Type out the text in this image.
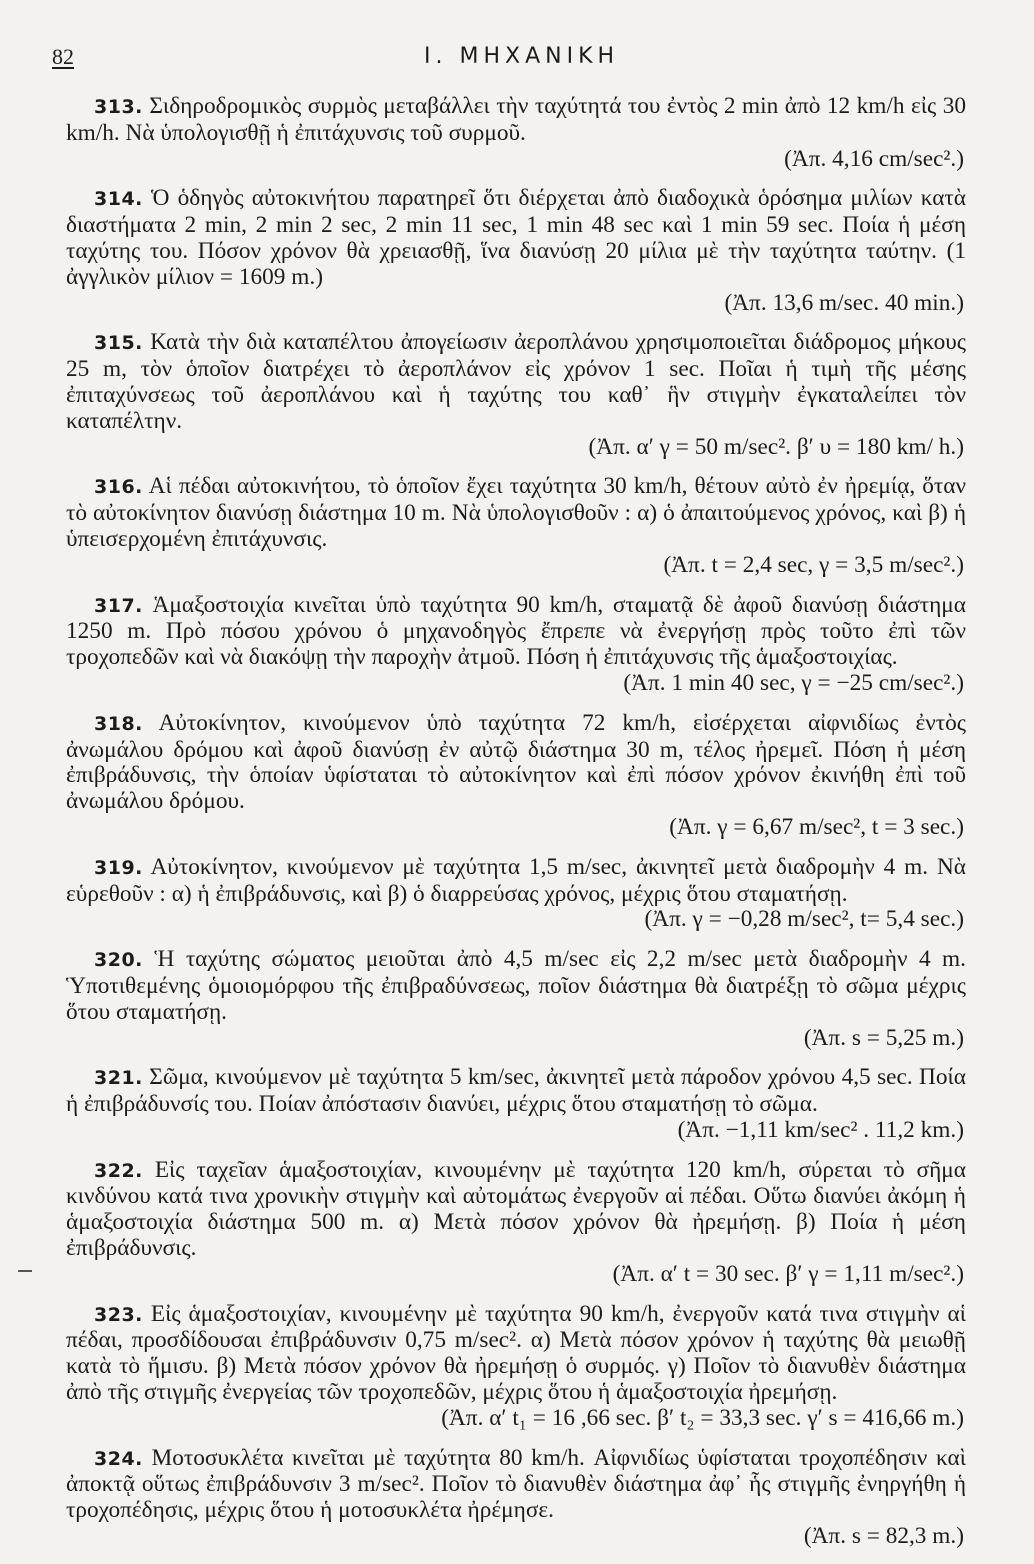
82	Ι. ΜΗΧΑΝΙΚΗ

313. Σιδηροδρομικὸς συρμὸς μεταβάλλει τὴν ταχύτητά του ἐντὸς 2 min ἀπὸ 12 km/h εἰς 30 km/h. Νὰ ὑπολογισθῇ ἡ ἐπιτάχυνσις τοῦ συρμοῦ.
(Ἀπ. 4,16 cm/sec².)

314. Ὁ ὁδηγὸς αὐτοκινήτου παρατηρεῖ ὅτι διέρχεται ἀπὸ διαδοχικὰ ὁρόσημα μιλίων κατὰ διαστήματα 2 min, 2 min 2 sec, 2 min 11 sec, 1 min 48 sec καὶ 1 min 59 sec. Ποία ἡ μέση ταχύτης του. Πόσον χρόνον θὰ χρειασθῇ, ἵνα διανύσῃ 20 μίλια μὲ τὴν ταχύτητα ταύτην. (1 ἀγγλικὸν μίλιον = 1609 m.)
(Ἀπ. 13,6 m/sec. 40 min.)

315. Κατὰ τὴν διὰ καταπέλτου ἀπογείωσιν ἀεροπλάνου χρησιμοποιεῖται διάδρομος μήκους 25 m, τὸν ὁποῖον διατρέχει τὸ ἀεροπλάνον εἰς χρόνον 1 sec. Ποῖαι ἡ τιμὴ τῆς μέσης ἐπιταχύνσεως τοῦ ἀεροπλάνου καὶ ἡ ταχύτης του καθ᾽ ἣν στιγμὴν ἐγκαταλείπει τὸν καταπέλτην.
(Ἀπ. α′ γ = 50 m/sec². β′ υ = 180 km/ h.)

316. Αἱ πέδαι αὐτοκινήτου, τὸ ὁποῖον ἔχει ταχύτητα 30 km/h, θέτουν αὐτὸ ἐν ἠρεμίᾳ, ὅταν τὸ αὐτοκίνητον διανύσῃ διάστημα 10 m. Νὰ ὑπολογισθοῦν : α) ὁ ἀπαιτούμενος χρόνος, καὶ β) ἡ ὑπεισερχομένη ἐπιτάχυνσις.
(Ἀπ. t = 2,4 sec, γ = 3,5 m/sec².)

317. Ἁμαξοστοιχία κινεῖται ὑπὸ ταχύτητα 90 km/h, σταματᾷ δὲ ἀφοῦ διανύσῃ διάστημα 1250 m. Πρὸ πόσου χρόνου ὁ μηχανοδηγὸς ἔπρεπε νὰ ἐνεργήσῃ πρὸς τοῦτο ἐπὶ τῶν τροχοπεδῶν καὶ νὰ διακόψῃ τὴν παροχὴν ἀτμοῦ. Πόση ἡ ἐπιτάχυνσις τῆς ἁμαξοστοιχίας.
(Ἀπ. 1 min 40 sec, γ = −25 cm/sec².)

318. Αὐτοκίνητον, κινούμενον ὑπὸ ταχύτητα 72 km/h, εἰσέρχεται αἰφνιδίως ἐντὸς ἀνωμάλου δρόμου καὶ ἀφοῦ διανύσῃ ἐν αὐτῷ διάστημα 30 m, τέλος ἠρεμεῖ. Πόση ἡ μέση ἐπιβράδυνσις, τὴν ὁποίαν ὑφίσταται τὸ αὐτοκίνητον καὶ ἐπὶ πόσον χρόνον ἐκινήθη ἐπὶ τοῦ ἀνωμάλου δρόμου.
(Ἀπ. γ = 6,67 m/sec², t = 3 sec.)

319. Αὐτοκίνητον, κινούμενον μὲ ταχύτητα 1,5 m/sec, ἀκινητεῖ μετὰ διαδρομὴν 4 m. Νὰ εὑρεθοῦν : α) ἡ ἐπιβράδυνσις, καὶ β) ὁ διαρρεύσας χρόνος, μέχρις ὅτου σταματήσῃ.
(Ἀπ. γ = −0,28 m/sec², t= 5,4 sec.)

320. Ἡ ταχύτης σώματος μειοῦται ἀπὸ 4,5 m/sec εἰς 2,2 m/sec μετὰ διαδρομὴν 4 m. Ὑποτιθεμένης ὁμοιομόρφου τῆς ἐπιβραδύνσεως, ποῖον διάστημα θὰ διατρέξῃ τὸ σῶμα μέχρις ὅτου σταματήσῃ.
(Ἀπ. s = 5,25 m.)

321. Σῶμα, κινούμενον μὲ ταχύτητα 5 km/sec, ἀκινητεῖ μετὰ πάροδον χρόνου 4,5 sec. Ποία ἡ ἐπιβράδυνσίς του. Ποίαν ἀπόστασιν διανύει, μέχρις ὅτου σταματήσῃ τὸ σῶμα.
(Ἀπ. −1,11 km/sec² . 11,2 km.)

322. Εἰς ταχεῖαν ἁμαξοστοιχίαν, κινουμένην μὲ ταχύτητα 120 km/h, σύρεται τὸ σῆμα κινδύνου κατά τινα χρονικὴν στιγμὴν καὶ αὐτομάτως ἐνεργοῦν αἱ πέδαι. Οὕτω διανύει ἀκόμη ἡ ἁμαξοστοιχία διάστημα 500 m. α) Μετὰ πόσον χρόνον θὰ ἠρεμήσῃ. β) Ποία ἡ μέση ἐπιβράδυνσις.
(Ἀπ. α′ t = 30 sec. β′ γ = 1,11 m/sec².)

323. Εἰς ἁμαξοστοιχίαν, κινουμένην μὲ ταχύτητα 90 km/h, ἐνεργοῦν κατά τινα στιγμὴν αἱ πέδαι, προσδίδουσαι ἐπιβράδυνσιν 0,75 m/sec². α) Μετὰ πόσον χρόνον ἡ ταχύτης θὰ μειωθῇ κατὰ τὸ ἥμισυ. β) Μετὰ πόσον χρόνον θὰ ἠρεμήσῃ ὁ συρμός. γ) Ποῖον τὸ διανυθὲν διάστημα ἀπὸ τῆς στιγμῆς ἐνεργείας τῶν τροχοπεδῶν, μέχρις ὅτου ἡ ἁμαξοστοιχία ἠρεμήσῃ.
(Ἀπ. α′ t₁ = 16 ,66 sec. β′ t₂ = 33,3 sec. γ′ s = 416,66 m.)

324. Μοτοσυκλέτα κινεῖται μὲ ταχύτητα 80 km/h. Αἰφνιδίως ὑφίσταται τροχοπέδησιν καὶ ἀποκτᾷ οὕτως ἐπιβράδυνσιν 3 m/sec². Ποῖον τὸ διανυθὲν διάστημα ἀφ᾽ ἧς στιγμῆς ἐνηργήθη ἡ τροχοπέδησις, μέχρις ὅτου ἡ μοτοσυκλέτα ἠρέμησε.
(Ἀπ. s = 82,3 m.)
